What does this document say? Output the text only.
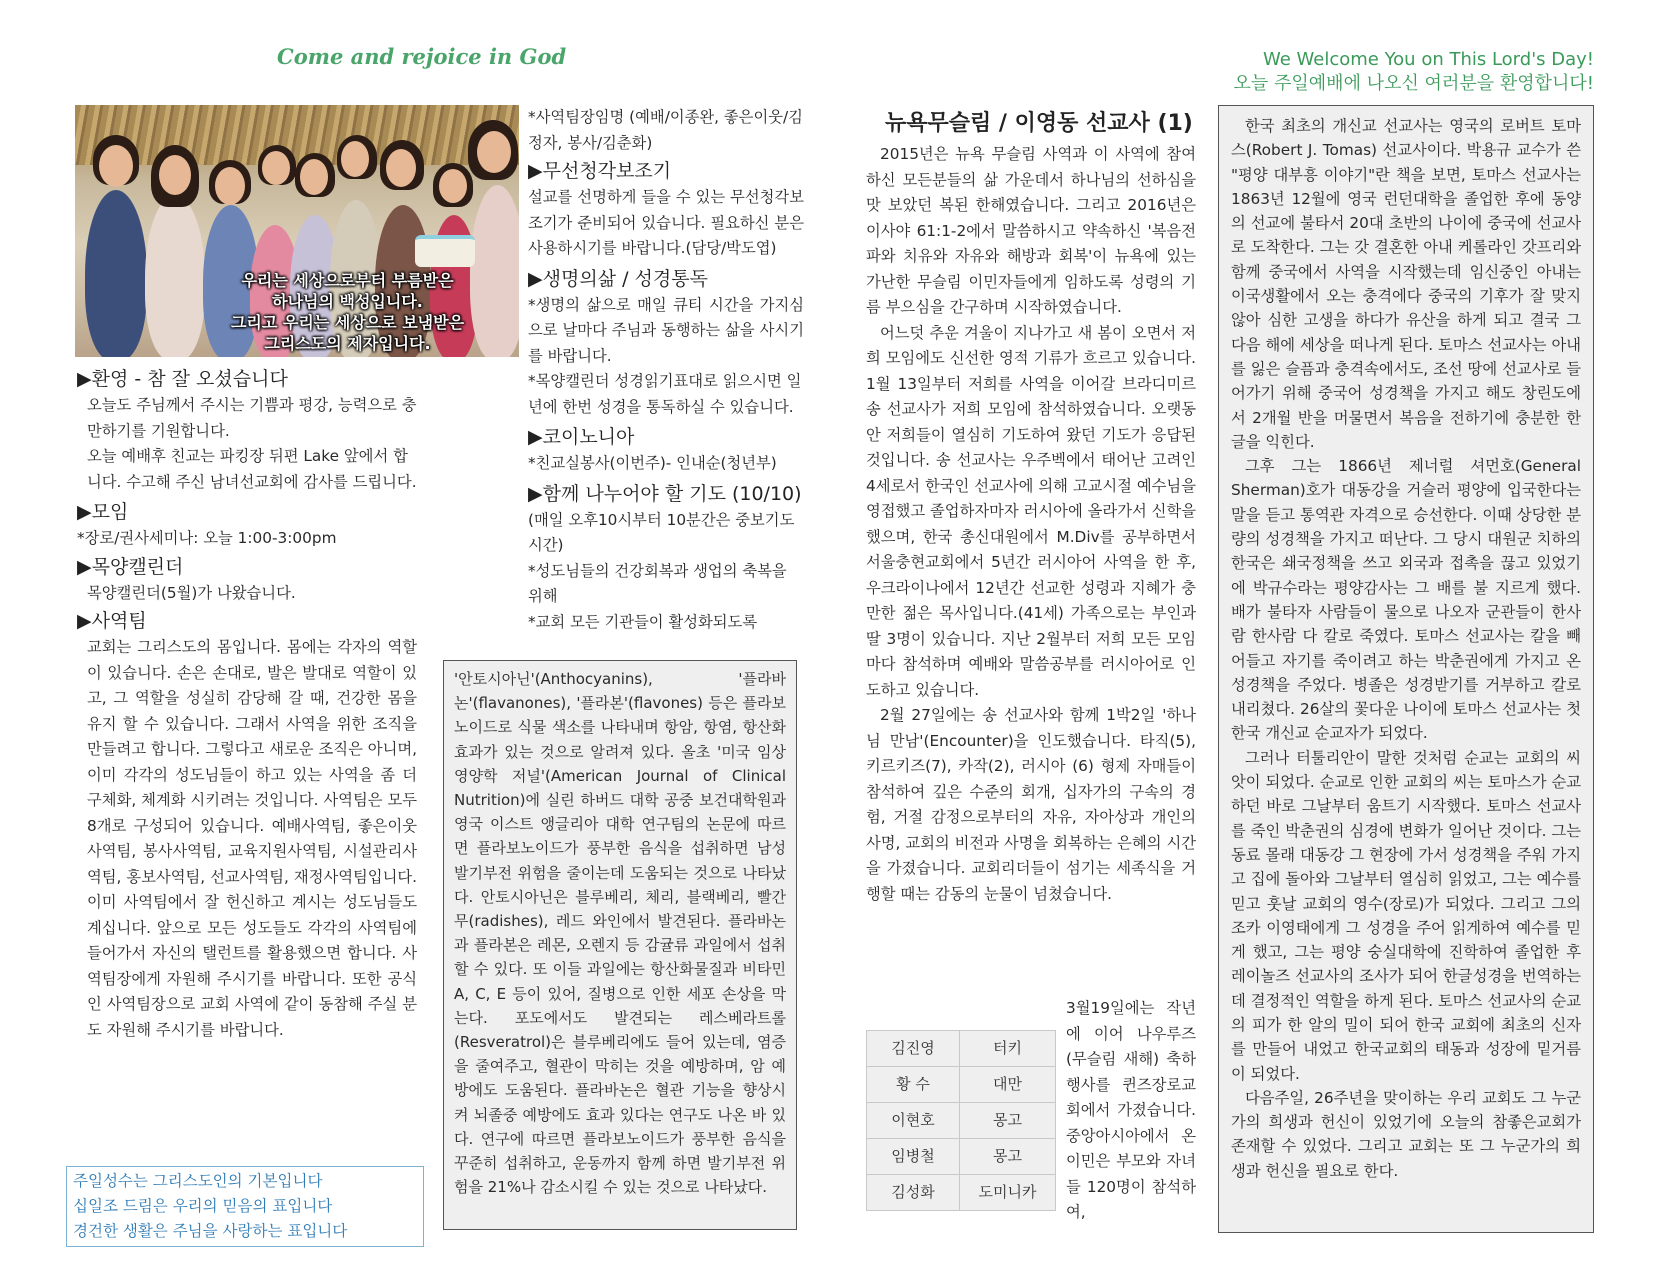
Come and rejoice in God	We Welcome You on This Lord's Day!
오늘 주일예배에 나오신 여러분을 환영합니다!
우리는 세상으로부터 부름받은
하나님의 백성입니다.
그리고 우리는 세상으로 보냄받은
그리스도의 제자입니다.
▶환영 - 참 잘 오셨습니다

오늘도 주님께서 주시는 기쁨과 평강, 능력으로 충만하기를 기원합니다.

오늘 예배후 친교는 파킹장 뒤편 Lake 앞에서 합니다. 수고해 주신 남녀선교회에 감사를 드립니다.

▶모임

*장로/권사세미나: 오늘 1:00-3:00pm

▶목양캘린더

목양캘린더(5월)가 나왔습니다.

▶사역팀

교회는 그리스도의 몸입니다. 몸에는 각자의 역할이 있습니다. 손은 손대로, 발은 발대로 역할이 있고, 그 역할을 성실히 감당해 갈 때, 건강한 몸을 유지 할 수 있습니다. 그래서 사역을 위한 조직을 만들려고 합니다. 그렇다고 새로운 조직은 아니며, 이미 각각의 성도님들이 하고 있는 사역을 좀 더 구체화, 체계화 시키려는 것입니다. 사역팀은 모두 8개로 구성되어 있습니다. 예배사역팀, 좋은이웃사역팀, 봉사사역팀, 교육지원사역팀, 시설관리사역팀, 홍보사역팀, 선교사역팀, 재정사역팀입니다. 이미 사역팀에서 잘 헌신하고 계시는 성도님들도 계십니다. 앞으로 모든 성도들도 각각의 사역팀에 들어가서 자신의 탤런트를 활용했으면 합니다. 사역팀장에게 자원해 주시기를 바랍니다. 또한 공식인 사역팀장으로 교회 사역에 같이 동참해 주실 분도 자원해 주시기를 바랍니다.

주일성수는 그리스도인의 기본입니다
십일조 드림은 우리의 믿음의 표입니다
경건한 생활은 주님을 사랑하는 표입니다

*사역팀장임명 (예배/이종완, 좋은이웃/김정자, 봉사/김춘화)

▶무선청각보조기

설교를 선명하게 들을 수 있는 무선청각보조기가 준비되어 있습니다. 필요하신 분은 사용하시기를 바랍니다.(담당/박도엽)

▶생명의삶 / 성경통독

*생명의 삶으로 매일 큐티 시간을 가지심으로 날마다 주님과 동행하는 삶을 사시기를 바랍니다.

*목양캘린더 성경읽기표대로 읽으시면 일 년에 한번 성경을 통독하실 수 있습니다.

▶코이노니아

*친교실봉사(이번주)- 인내순(청년부)

▶함께 나누어야 할 기도 (10/10)

(매일 오후10시부터 10분간은 중보기도시간)

*성도님들의 건강회복과 생업의 축복을 위해

*교회 모든 기관들이 활성화되도록

'안토시아닌'(Anthocyanins), '플라바논'(flavanones), '플라본'(flavones) 등은 플라보노이드로 식물 색소를 나타내며 항암, 항염, 항산화 효과가 있는 것으로 알려져 있다. 올초 '미국 임상 영양학 저널'(American Journal of Clinical Nutrition)에 실린 하버드 대학 공중 보건대학원과 영국 이스트 앵글리아 대학 연구팀의 논문에 따르면 플라보노이드가 풍부한 음식을 섭취하면 남성 발기부전 위험을 줄이는데 도움되는 것으로 나타났다. 안토시아닌은 블루베리, 체리, 블랙베리, 빨간무(radishes), 레드 와인에서 발견된다. 플라바논과 플라본은 레몬, 오렌지 등 감귤류 과일에서 섭취할 수 있다. 또 이들 과일에는 항산화물질과 비타민 A, C, E 등이 있어, 질병으로 인한 세포 손상을 막는다. 포도에서도 발견되는 레스베라트롤(Resveratrol)은 블루베리에도 들어 있는데, 염증을 줄여주고, 혈관이 막히는 것을 예방하며, 암 예방에도 도움된다. 플라바논은 혈관 기능을 향상시켜 뇌졸중 예방에도 효과 있다는 연구도 나온 바 있다. 연구에 따르면 플라보노이드가 풍부한 음식을 꾸준히 섭취하고, 운동까지 함께 하면 발기부전 위험을 21%나 감소시킬 수 있는 것으로 나타났다.

뉴욕무슬림 / 이영동 선교사 (1)

2015년은 뉴욕 무슬림 사역과 이 사역에 참여하신 모든분들의 삶 가운데서 하나님의 선하심을 맛 보았던 복된 한해였습니다. 그리고 2016년은 이사야 61:1-2에서 말씀하시고 약속하신 '복음전파와 치유와 자유와 해방과 회복'이 뉴욕에 있는 가난한 무슬림 이민자들에게 임하도록 성령의 기름 부으심을 간구하며 시작하였습니다.

어느덧 추운 겨울이 지나가고 새 봄이 오면서 저희 모임에도 신선한 영적 기류가 흐르고 있습니다. 1월 13일부터 저희를 사역을 이어갈 브라디미르 송 선교사가 저희 모임에 참석하였습니다. 오랫동안 저희들이 열심히 기도하여 왔던 기도가 응답된것입니다. 송 선교사는 우주벡에서 태어난 고려인 4세로서 한국인 선교사에 의해 고교시절 예수님을 영접했고 졸업하자마자 러시아에 올라가서 신학을 했으며, 한국 총신대원에서 M.Div를 공부하면서 서울충현교회에서 5년간 러시아어 사역을 한 후, 우크라이나에서 12년간 선교한 성령과 지혜가 충만한 젊은 목사입니다.(41세) 가족으로는 부인과 딸 3명이 있습니다. 지난 2월부터 저희 모든 모임마다 참석하며 예배와 말씀공부를 러시아어로 인도하고 있습니다.

2월 27일에는 송 선교사와 함께 1박2일 '하나님 만남'(Encounter)을 인도했습니다. 타직(5), 키르키즈(7), 카작(2), 러시아 (6) 형제 자매들이 참석하여 깊은 수준의 회개, 십자가의 구속의 경험, 거절 감정으로부터의 자유, 자아상과 개인의 사명, 교회의 비전과 사명을 회복하는 은혜의 시간을 가졌습니다. 교회리더들이 섬기는 세족식을 거행할 때는 감동의 눈물이 넘쳤습니다.

김진영	터키
황 수	대만
이현호	몽고
임병철	몽고
김성화	도미니카

3월19일에는 작년에 이어 나우루즈(무슬림 새해) 축하행사를 퀸즈장로교회에서 가졌습니다. 중앙아시아에서 온 이민은 부모와 자녀들 120명이 참석하여,

한국 최초의 개신교 선교사는 영국의 로버트 토마스(Robert J. Tomas) 선교사이다. 박용규 교수가 쓴 "평양 대부흥 이야기"란 책을 보면, 토마스 선교사는 1863년 12월에 영국 런던대학을 졸업한 후에 동양의 선교에 불타서 20대 초반의 나이에 중국에 선교사로 도착한다. 그는 갓 결혼한 아내 케롤라인 갓프리와 함께 중국에서 사역을 시작했는데 임신중인 아내는 이국생활에서 오는 충격에다 중국의 기후가 잘 맞지 않아 심한 고생을 하다가 유산을 하게 되고 결국 그 다음 해에 세상을 떠나게 된다. 토마스 선교사는 아내를 잃은 슬픔과 충격속에서도, 조선 땅에 선교사로 들어가기 위해 중국어 성경책을 가지고 해도 창린도에서 2개월 반을 머물면서 복음을 전하기에 충분한 한글을 익힌다.

그후 그는 1866년 제너럴 셔먼호(General Sherman)호가 대동강을 거슬러 평양에 입국한다는 말을 듣고 통역관 자격으로 승선한다. 이때 상당한 분량의 성경책을 가지고 떠난다. 그 당시 대원군 치하의 한국은 쇄국정책을 쓰고 외국과 접촉을 끊고 있었기에 박규수라는 평양감사는 그 배를 불 지르게 했다. 배가 불타자 사람들이 물으로 나오자 군관들이 한사람 한사람 다 칼로 죽였다. 토마스 선교사는 칼을 빼어들고 자기를 죽이려고 하는 박춘권에게 가지고 온 성경책을 주었다. 병졸은 성경받기를 거부하고 칼로 내리쳤다. 26살의 꽃다운 나이에 토마스 선교사는 첫 한국 개신교 순교자가 되었다.

그러나 터툴리안이 말한 것처럼 순교는 교회의 씨앗이 되었다. 순교로 인한 교회의 씨는 토마스가 순교하던 바로 그날부터 움트기 시작했다. 토마스 선교사를 죽인 박춘권의 심경에 변화가 일어난 것이다. 그는 동료 몰래 대동강 그 현장에 가서 성경책을 주워 가지고 집에 돌아와 그날부터 열심히 읽었고, 그는 예수를 믿고 훗날 교회의 영수(장로)가 되었다. 그리고 그의 조카 이영태에게 그 성경을 주어 읽게하여 예수를 믿게 했고, 그는 평양 숭실대학에 진학하여 졸업한 후 레이놀즈 선교사의 조사가 되어 한글성경을 번역하는데 결정적인 역할을 하게 된다. 토마스 선교사의 순교의 피가 한 알의 밀이 되어 한국 교회에 최초의 신자를 만들어 내었고 한국교회의 태동과 성장에 밑거름이 되었다.

다음주일, 26주년을 맞이하는 우리 교회도 그 누군가의 희생과 헌신이 있었기에 오늘의 참좋은교회가 존재할 수 있었다. 그리고 교회는 또 그 누군가의 희생과 헌신을 필요로 한다.
